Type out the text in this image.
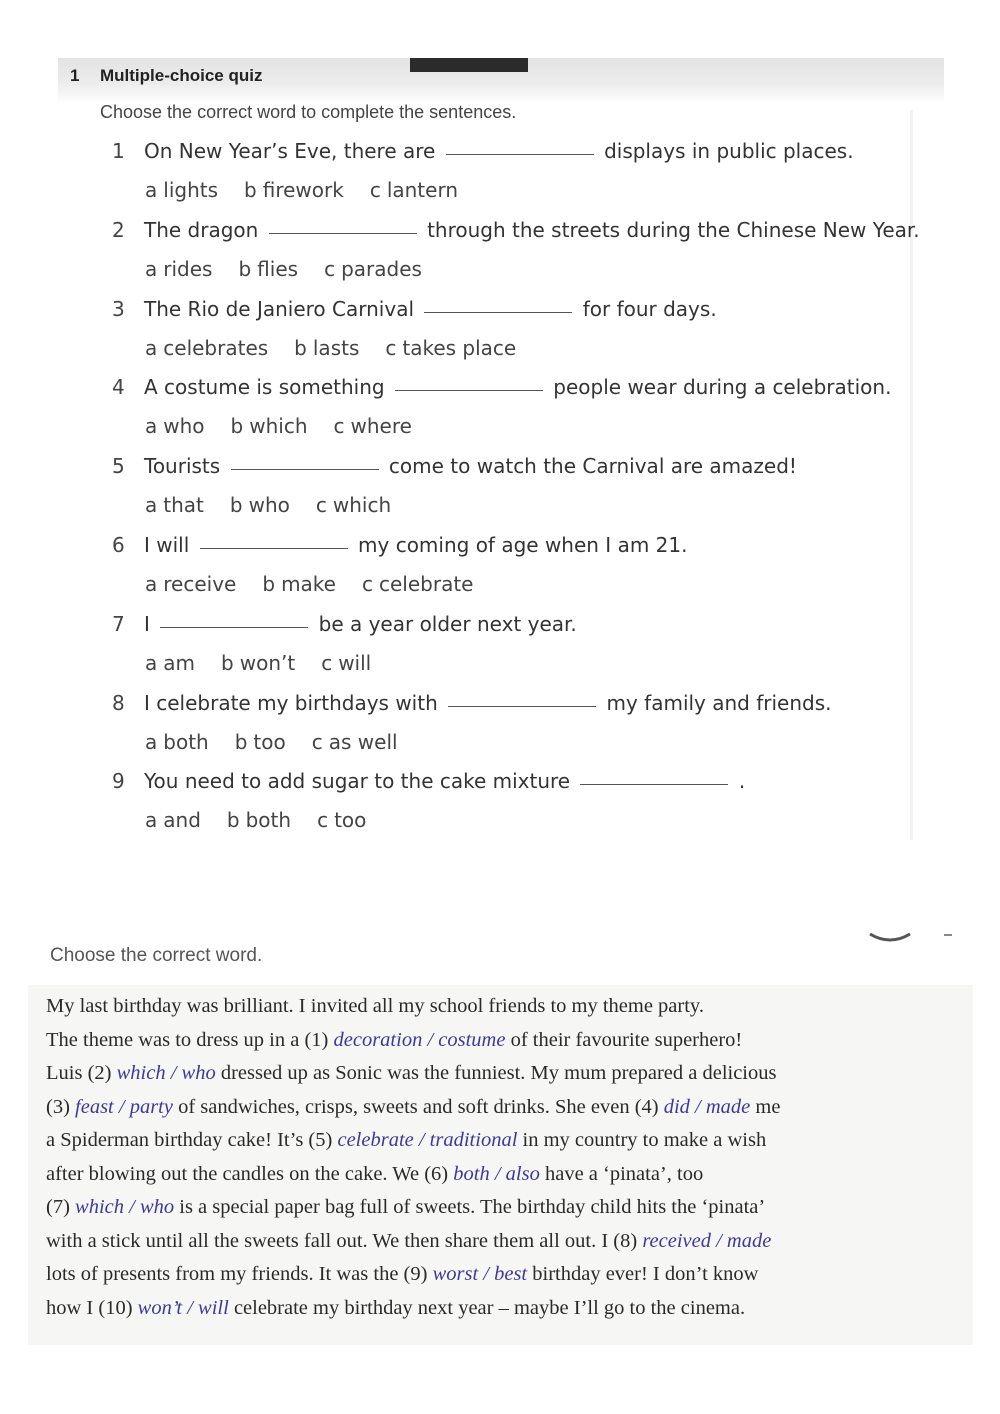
1 Multiple-choice quiz
Choose the correct word to complete the sentences.
1 On New Year’s Eve, there are	displays in public places.
a lights b firework c lantern
2 The dragon	through the streets during the Chinese New Year.
a rides b flies c parades
3 The Rio de Janiero Carnival	for four days.
a celebrates b lasts c takes place
4 A costume is something	people wear during a celebration.
a who b which c where
5 Tourists	come to watch the Carnival are amazed!
a that b who c which
6 I will	my coming of age when I am 21.
a receive b make c celebrate
7 I	be a year older next year.
a am b won’t c will
8 I celebrate my birthdays with	my family and friends.
a both b too c as well
9 You need to add sugar to the cake mixture	.
a and b both c too
Choose the correct word.
My last birthday was brilliant. I invited all my school friends to my theme party.
The theme was to dress up in a (1) decoration / costume of their favourite superhero!
Luis (2) which / who dressed up as Sonic was the funniest. My mum prepared a delicious
(3) feast / party of sandwiches, crisps, sweets and soft drinks. She even (4) did / made me
a Spiderman birthday cake! It’s (5) celebrate / traditional in my country to make a wish
after blowing out the candles on the cake. We (6) both / also have a ‘pinata’, too
(7) which / who is a special paper bag full of sweets. The birthday child hits the ‘pinata’
with a stick until all the sweets fall out. We then share them all out. I (8) received / made
lots of presents from my friends. It was the (9) worst / best birthday ever! I don’t know
how I (10) won’t / will celebrate my birthday next year – maybe I’ll go to the cinema.
